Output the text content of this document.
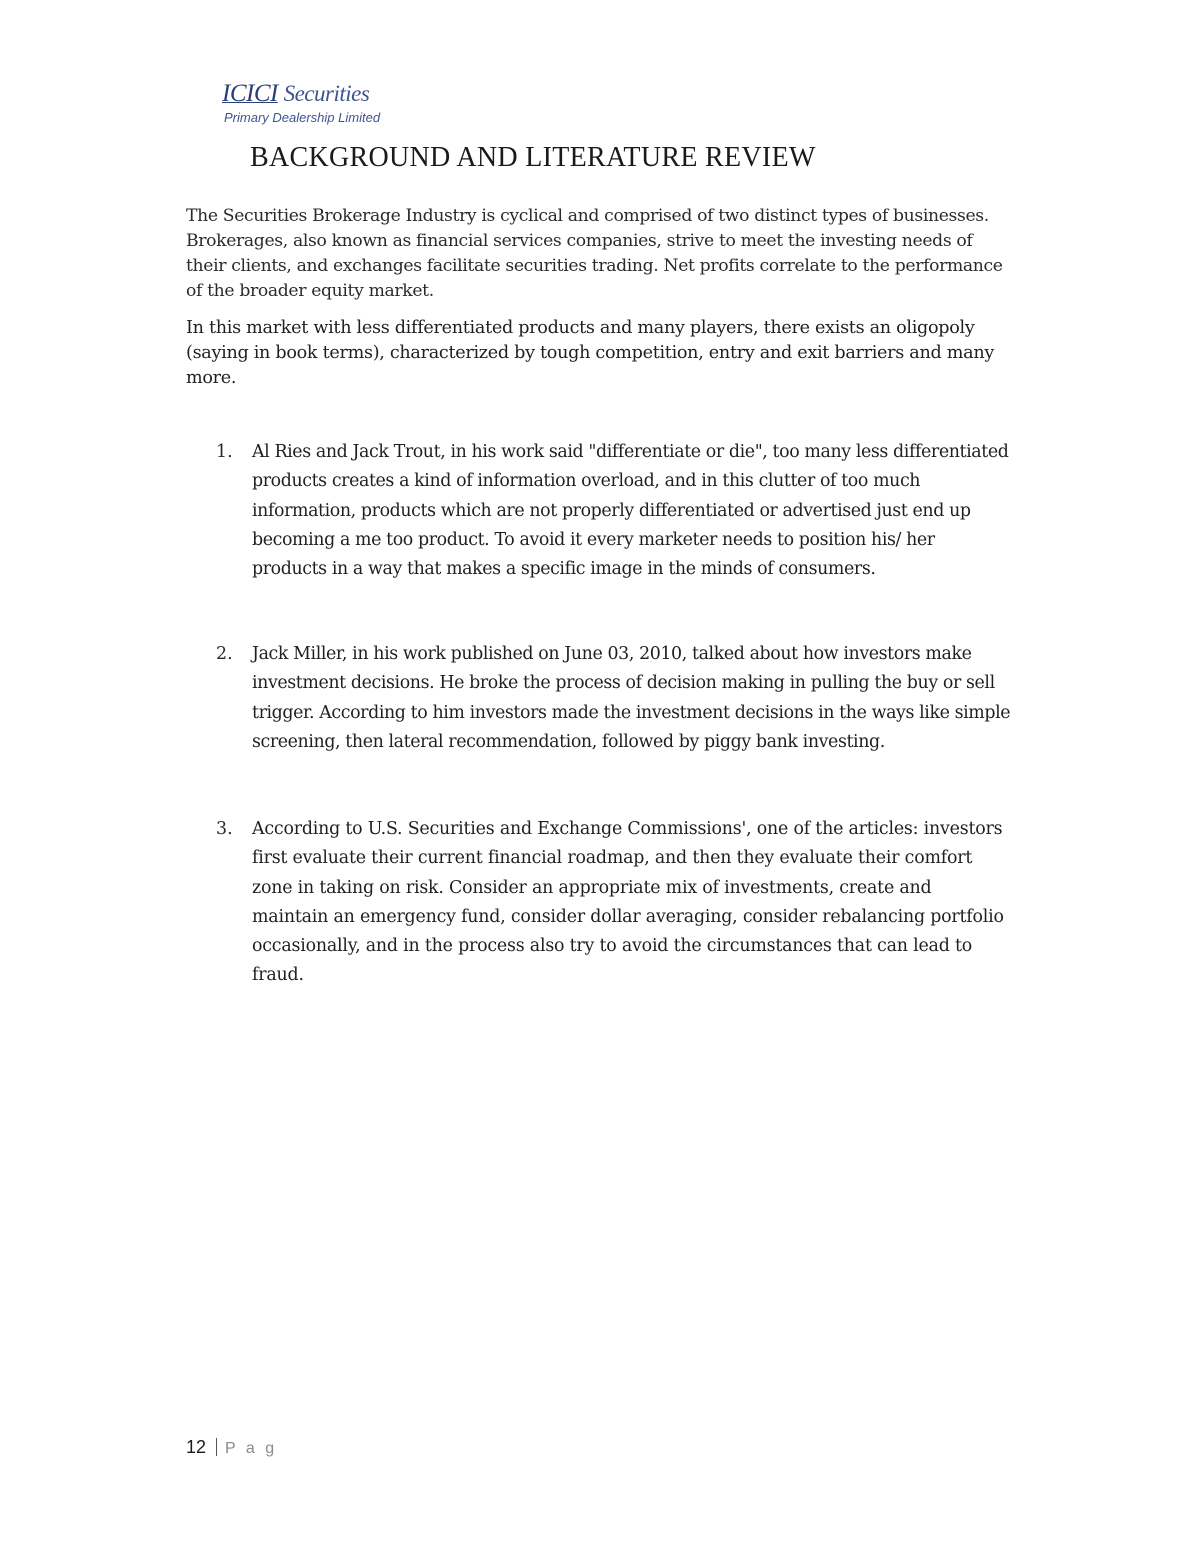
ICICI Securities
Primary Dealership Limited
BACKGROUND AND LITERATURE REVIEW

The Securities Brokerage Industry is cyclical and comprised of two distinct types of businesses. Brokerages, also known as financial services companies, strive to meet the investing needs of their clients, and exchanges facilitate securities trading. Net profits correlate to the performance of the broader equity market.

In this market with less differentiated products and many players, there exists an oligopoly (saying in book terms), characterized by tough competition, entry and exit barriers and many more.

1. Al Ries and Jack Trout, in his work said "differentiate or die", too many less differentiated products creates a kind of information overload, and in this clutter of too much information, products which are not properly differentiated or advertised just end up becoming a me too product. To avoid it every marketer needs to position his/ her products in a way that makes a specific image in the minds of consumers.

2. Jack Miller, in his work published on June 03, 2010, talked about how investors make investment decisions. He broke the process of decision making in pulling the buy or sell trigger. According to him investors made the investment decisions in the ways like simple screening, then lateral recommendation, followed by piggy bank investing.

3. According to U.S. Securities and Exchange Commissions', one of the articles: investors first evaluate their current financial roadmap, and then they evaluate their comfort zone in taking on risk. Consider an appropriate mix of investments, create and maintain an emergency fund, consider dollar averaging, consider rebalancing portfolio occasionally, and in the process also try to avoid the circumstances that can lead to fraud.

12 P a g
